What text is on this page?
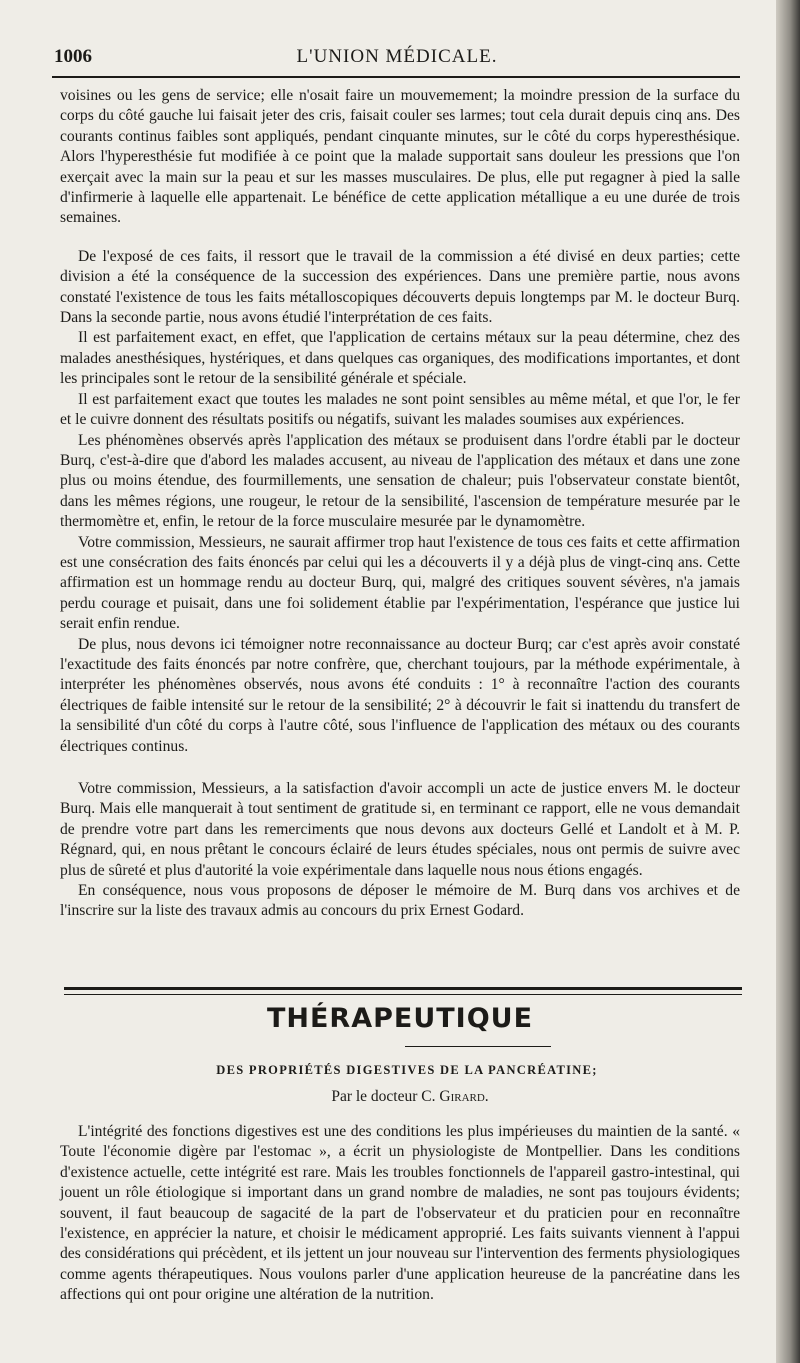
1006	L'UNION MÉDICALE.

voisines ou les gens de service; elle n'osait faire un mouvemement; la moindre pression de la surface du corps du côté gauche lui faisait jeter des cris, faisait couler ses larmes; tout cela durait depuis cinq ans. Des courants continus faibles sont appliqués, pendant cinquante minutes, sur le côté du corps hyperesthésique. Alors l'hyperesthésie fut modifiée à ce point que la malade supportait sans douleur les pressions que l'on exerçait avec la main sur la peau et sur les masses musculaires. De plus, elle put regagner à pied la salle d'infirmerie à laquelle elle appartenait. Le bénéfice de cette application métallique a eu une durée de trois semaines.

De l'exposé de ces faits, il ressort que le travail de la commission a été divisé en deux parties; cette division a été la conséquence de la succession des expériences. Dans une première partie, nous avons constaté l'existence de tous les faits métalloscopiques découverts depuis longtemps par M. le docteur Burq. Dans la seconde partie, nous avons étudié l'interprétation de ces faits.

Il est parfaitement exact, en effet, que l'application de certains métaux sur la peau détermine, chez des malades anesthésiques, hystériques, et dans quelques cas organiques, des modifications importantes, et dont les principales sont le retour de la sensibilité générale et spéciale.

Il est parfaitement exact que toutes les malades ne sont point sensibles au même métal, et que l'or, le fer et le cuivre donnent des résultats positifs ou négatifs, suivant les malades soumises aux expériences.

Les phénomènes observés après l'application des métaux se produisent dans l'ordre établi par le docteur Burq, c'est-à-dire que d'abord les malades accusent, au niveau de l'application des métaux et dans une zone plus ou moins étendue, des fourmillements, une sensation de chaleur; puis l'observateur constate bientôt, dans les mêmes régions, une rougeur, le retour de la sensibilité, l'ascension de température mesurée par le thermomètre et, enfin, le retour de la force musculaire mesurée par le dynamomètre.

Votre commission, Messieurs, ne saurait affirmer trop haut l'existence de tous ces faits et cette affirmation est une consécration des faits énoncés par celui qui les a découverts il y a déjà plus de vingt-cinq ans. Cette affirmation est un hommage rendu au docteur Burq, qui, malgré des critiques souvent sévères, n'a jamais perdu courage et puisait, dans une foi solidement établie par l'expérimentation, l'espérance que justice lui serait enfin rendue.

De plus, nous devons ici témoigner notre reconnaissance au docteur Burq; car c'est après avoir constaté l'exactitude des faits énoncés par notre confrère, que, cherchant toujours, par la méthode expérimentale, à interpréter les phénomènes observés, nous avons été conduits : 1° à reconnaître l'action des courants électriques de faible intensité sur le retour de la sensibilité; 2° à découvrir le fait si inattendu du transfert de la sensibilité d'un côté du corps à l'autre côté, sous l'influence de l'application des métaux ou des courants électriques continus.

Votre commission, Messieurs, a la satisfaction d'avoir accompli un acte de justice envers M. le docteur Burq. Mais elle manquerait à tout sentiment de gratitude si, en terminant ce rapport, elle ne vous demandait de prendre votre part dans les remerciments que nous devons aux docteurs Gellé et Landolt et à M. P. Régnard, qui, en nous prêtant le concours éclairé de leurs études spéciales, nous ont permis de suivre avec plus de sûreté et plus d'autorité la voie expérimentale dans laquelle nous nous étions engagés.

En conséquence, nous vous proposons de déposer le mémoire de M. Burq dans vos archives et de l'inscrire sur la liste des travaux admis au concours du prix Ernest Godard.

THÉRAPEUTIQUE
DES PROPRIÉTÉS DIGESTIVES DE LA PANCRÉATINE;
Par le docteur C. Girard.

L'intégrité des fonctions digestives est une des conditions les plus impérieuses du maintien de la santé. « Toute l'économie digère par l'estomac », a écrit un physiologiste de Montpellier. Dans les conditions d'existence actuelle, cette intégrité est rare. Mais les troubles fonctionnels de l'appareil gastro-intestinal, qui jouent un rôle étiologique si important dans un grand nombre de maladies, ne sont pas toujours évidents; souvent, il faut beaucoup de sagacité de la part de l'observateur et du praticien pour en reconnaître l'existence, en apprécier la nature, et choisir le médicament approprié. Les faits suivants viennent à l'appui des considérations qui précèdent, et ils jettent un jour nouveau sur l'intervention des ferments physiologiques comme agents thérapeutiques. Nous voulons parler d'une application heureuse de la pancréatine dans les affections qui ont pour origine une altération de la nutrition.
